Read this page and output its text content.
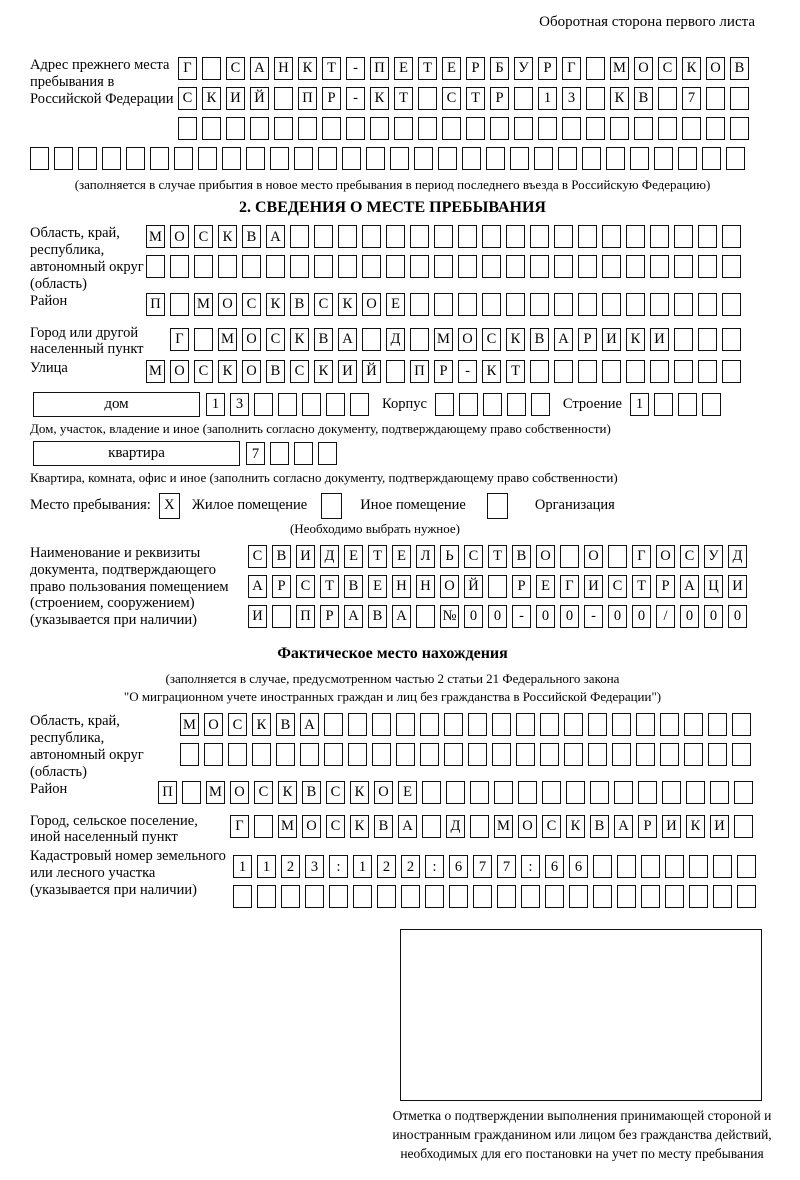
Оборотная сторона первого листа
Адрес прежнего места пребывания в Российской Федерации
Г	С А Н К	Т	-	П Е	Т	Е	Р	Б	У	Р	Г	М О С К О В
С К И Й	П	Р	-	К	Т	С	Т	Р	1	3	К В	7
(заполняется в случае прибытия в новое место пребывания в период последнего въезда в Российскую Федерацию)
2. СВЕДЕНИЯ О МЕСТЕ ПРЕБЫВАНИЯ
Область, край, республика, автономный округ (область)
М О С К В А
Район	П	М О С К В С К О Е
Город или другой населенный пункт
Г	М О С К В А	Д	М О С К В А	Р	И К И
Улица	М О С К О В С К И Й	П	Р	-	К	Т
дом	1	3	Корпус	Строение 1
Дом, участок, владение и иное (заполнить согласно документу, подтверждающему право собственности)
квартира	7
Квартира, комната, офис и иное (заполнить согласно документу, подтверждающему право собственности)
Место пребывания: X	Жилое помещение	Иное помещение	Организация
(Необходимо выбрать нужное)
Наименование и реквизиты документа, подтверждающего право пользования помещением (строением, сооружением) (указывается при наличии)
С В И Д	Е	Т	Е	Л	Ь	С	Т	В О	О	Г	О С У Д
А	Р	С	Т	В	Е Н Н О Й	Р	Е	Г	И С	Т	Р	А Ц И
И	П	Р	А В А № 0	0	-	0	0	-	0	0	/	0	0	0
Фактическое место нахождения
(заполняется в случае, предусмотренном частью 2 статьи 21 Федерального закона
"О миграционном учете иностранных граждан и лиц без гражданства в Российской Федерации")
Область, край, республика, автономный округ (область)
М О С К В А
Район	П	М О С К В С К О Е
Город, сельское поселение, иной населенный пункт
Г	М О С К В А	Д	М О С К В А	Р	И К И
Кадастровый номер земельного или лесного участка (указывается при наличии)
1	1	2	3	:	1	2	2	:	6	7	7	:	6	6
Отметка о подтверждении выполнения принимающей стороной и иностранным гражданином или лицом без гражданства действий, необходимых для его постановки на учет по месту пребывания
